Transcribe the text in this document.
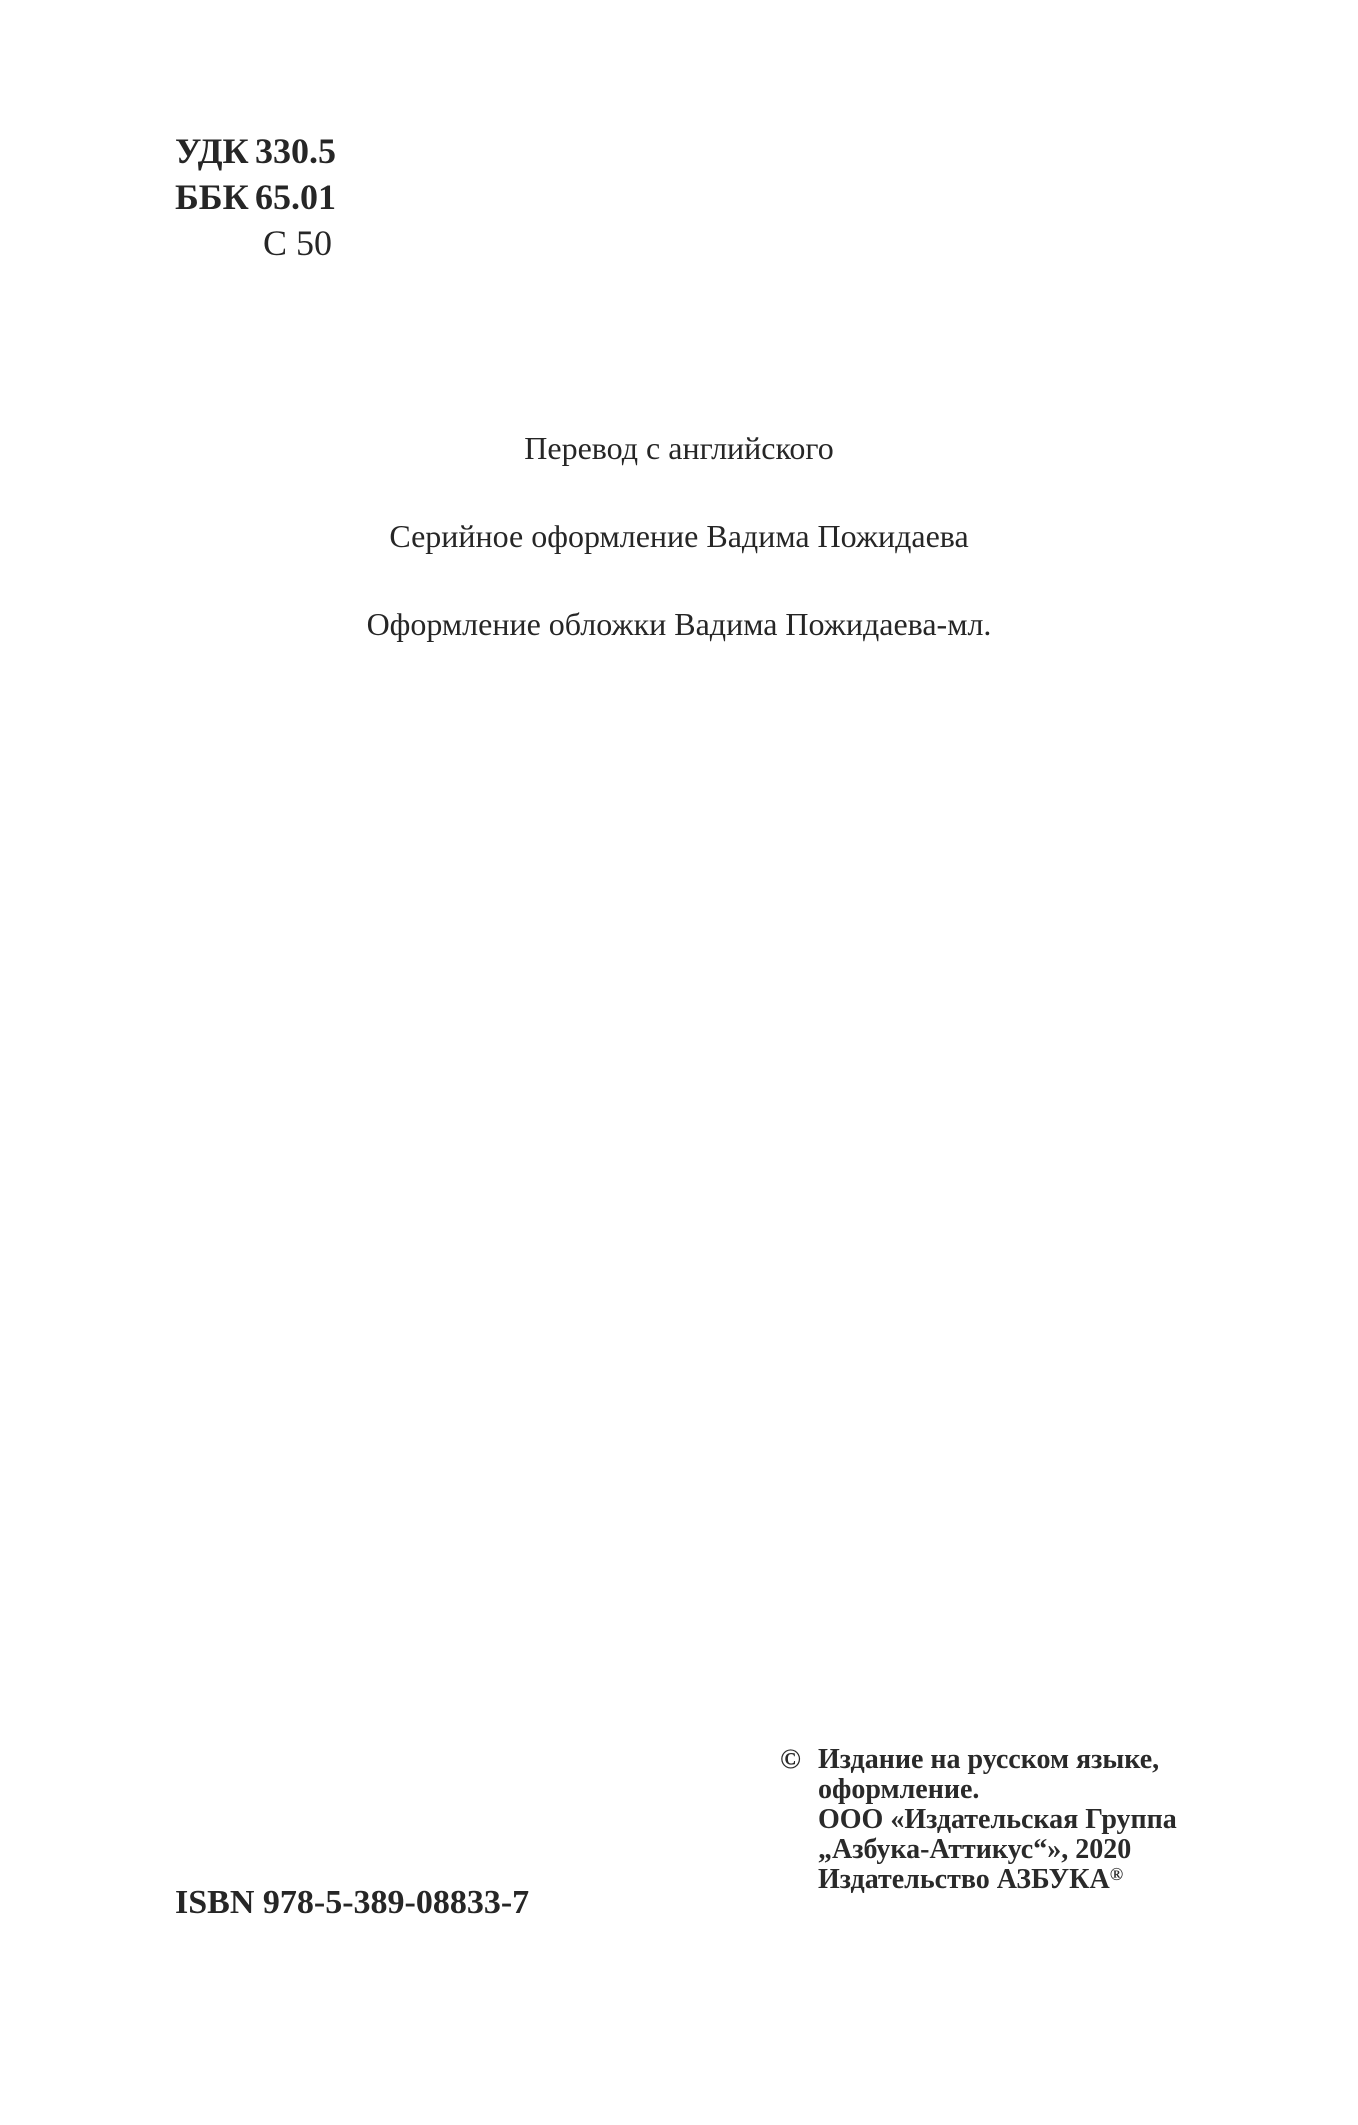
УДК 330.5
ББК 65.01
С 50

Перевод с английского

Серийное оформление Вадима Пожидаева

Оформление обложки Вадима Пожидаева-мл.

ISBN 978-5-389-08833-7
© Издание на русском языке,
оформление.
ООО «Издательская Группа
„Азбука-Аттикус“», 2020
Издательство АЗБУКА®
